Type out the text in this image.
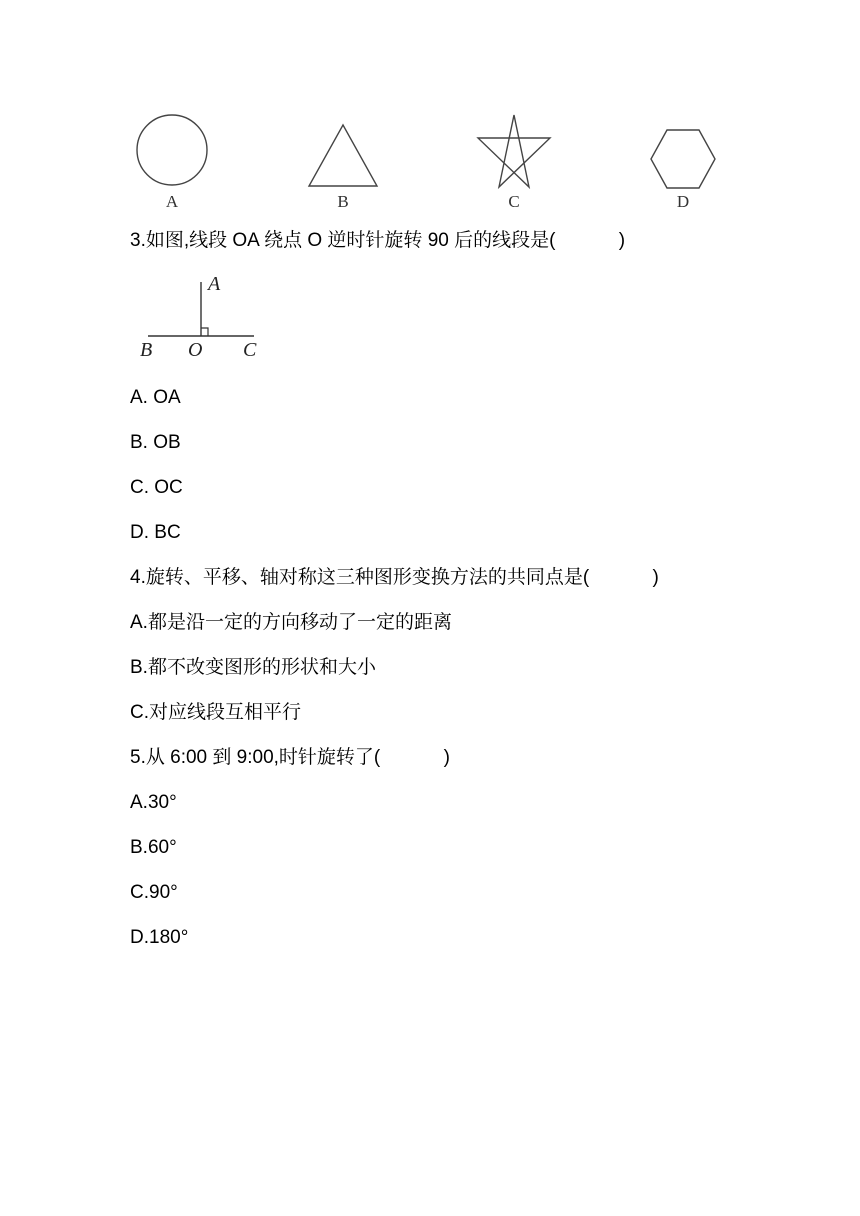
A	B	C	D
3.如图,线段 OA 绕点 O 逆时针旋转 90 后的线段是(            )
A
B O C
A. OA
B. OB
C. OC
D. BC
4.旋转、平移、轴对称这三种图形变换方法的共同点是(            )
A.都是沿一定的方向移动了一定的距离
B.都不改变图形的形状和大小
C.对应线段互相平行
5.从 6:00 到 9:00,时针旋转了(            )
A.30°
B.60°
C.90°
D.180°
